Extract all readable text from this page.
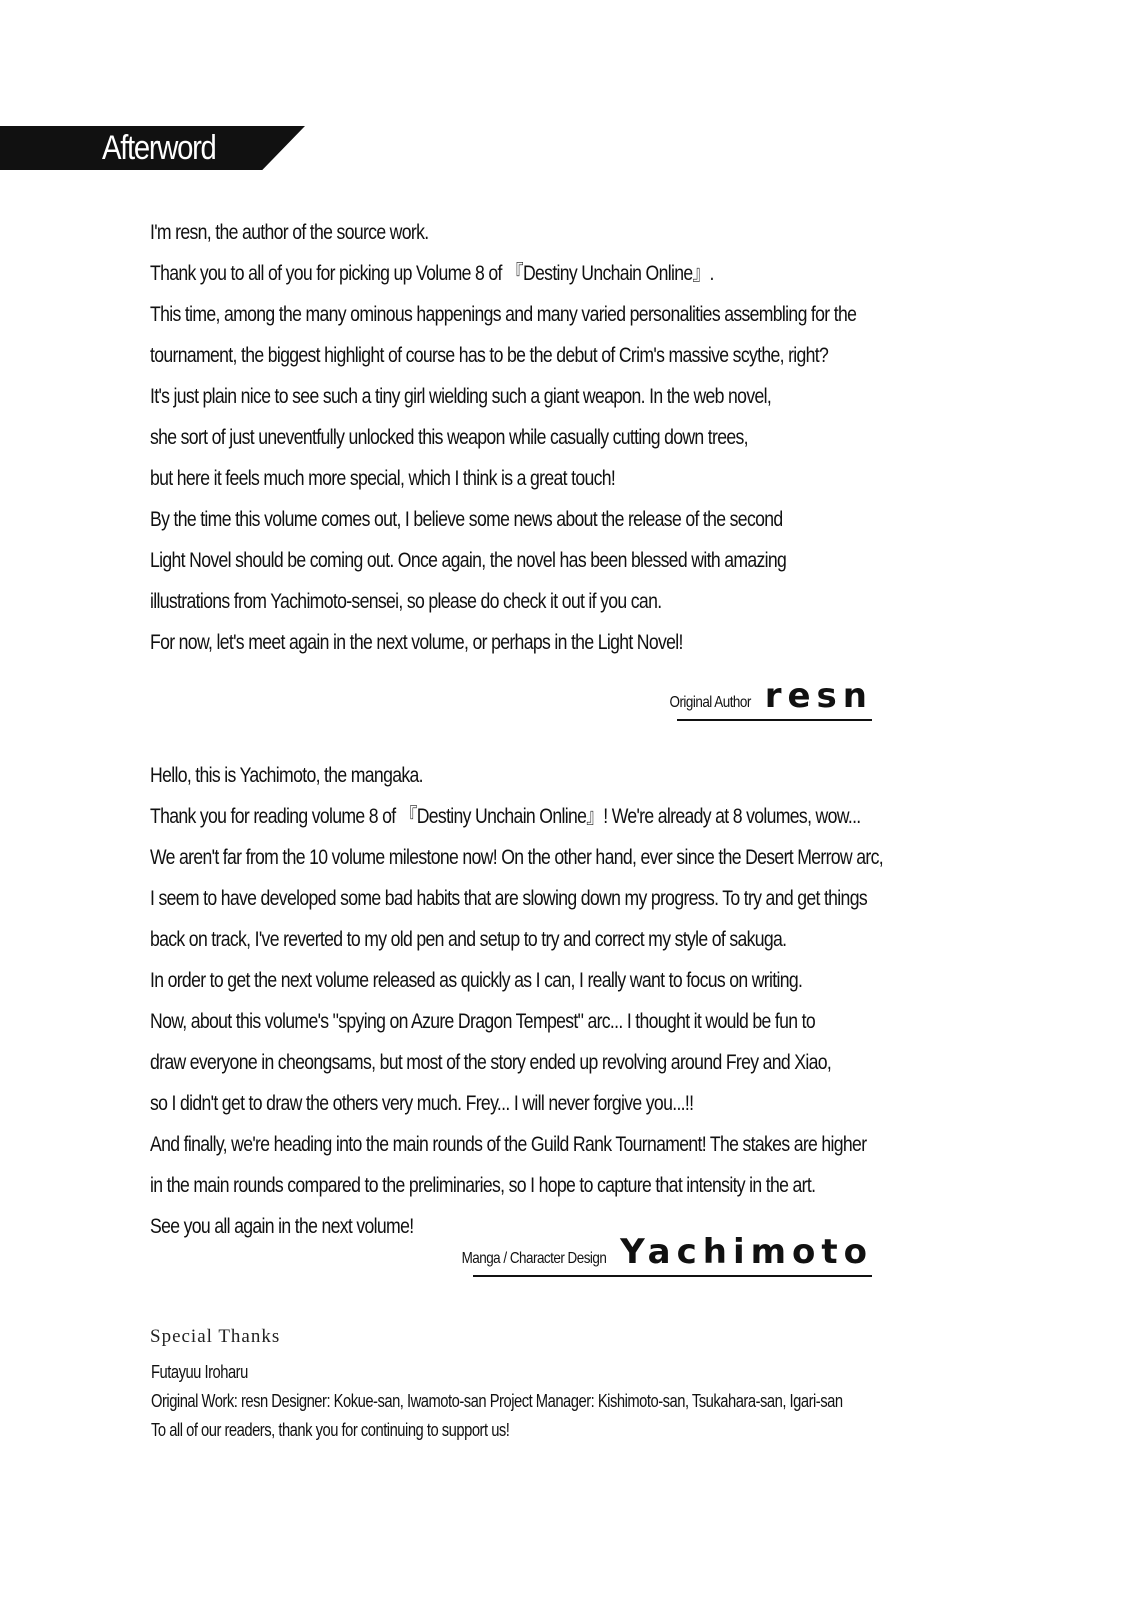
Afterword
I'm resn, the author of the source work.
Thank you to all of you for picking up Volume 8 of 『Destiny Unchain Online』.
This time, among the many ominous happenings and many varied personalities assembling for the
tournament, the biggest highlight of course has to be the debut of Crim's massive scythe, right?
It's just plain nice to see such a tiny girl wielding such a giant weapon. In the web novel,
she sort of just uneventfully unlocked this weapon while casually cutting down trees,
but here it feels much more special, which I think is a great touch!
By the time this volume comes out, I believe some news about the release of the second
Light Novel should be coming out. Once again, the novel has been blessed with amazing
illustrations from Yachimoto-sensei, so please do check it out if you can.
For now, let's meet again in the next volume, or perhaps in the Light Novel!
Original Author resn
Hello, this is Yachimoto, the mangaka.
Thank you for reading volume 8 of 『Destiny Unchain Online』! We're already at 8 volumes, wow...
We aren't far from the 10 volume milestone now! On the other hand, ever since the Desert Merrow arc,
I seem to have developed some bad habits that are slowing down my progress. To try and get things
back on track, I've reverted to my old pen and setup to try and correct my style of sakuga.
In order to get the next volume released as quickly as I can, I really want to focus on writing.
Now, about this volume's "spying on Azure Dragon Tempest" arc... I thought it would be fun to
draw everyone in cheongsams, but most of the story ended up revolving around Frey and Xiao,
so I didn't get to draw the others very much. Frey... I will never forgive you...!!
And finally, we're heading into the main rounds of the Guild Rank Tournament! The stakes are higher
in the main rounds compared to the preliminaries, so I hope to capture that intensity in the art.
See you all again in the next volume!
Manga / Character Design Yachimoto
Special Thanks
Futayuu Iroharu
Original Work: resn Designer: Kokue-san, Iwamoto-san Project Manager: Kishimoto-san, Tsukahara-san, Igari-san
To all of our readers, thank you for continuing to support us!
